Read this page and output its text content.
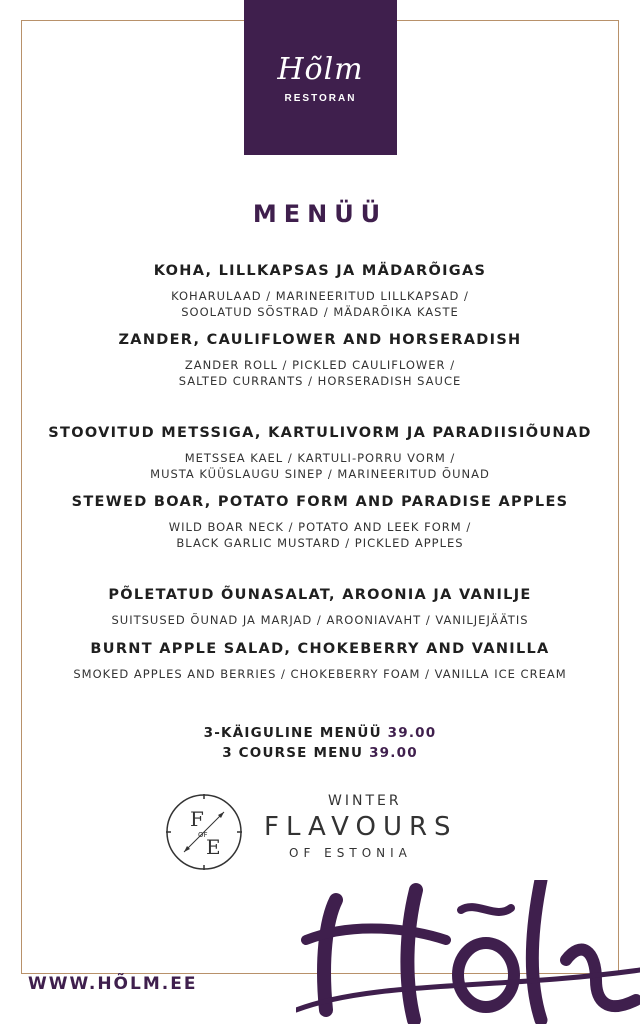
Hõlm
RESTORAN
MENÜÜ
KOHA, LILLKAPSAS JA MÄDARÕIGAS
KOHARULAAD / MARINEERITUD LILLKAPSAD /
SOOLATUD SÕSTRAD / MÄDARÕIKA KASTE
ZANDER, CAULIFLOWER AND HORSERADISH
ZANDER ROLL / PICKLED CAULIFLOWER /
SALTED CURRANTS / HORSERADISH SAUCE
STOOVITUD METSSIGA, KARTULIVORM JA PARADIISIÕUNAD
METSSEA KAEL / KARTULI-PORRU VORM /
MUSTA KÜÜSLAUGU SINEP / MARINEERITUD ÕUNAD
STEWED BOAR, POTATO FORM AND PARADISE APPLES
WILD BOAR NECK / POTATO AND LEEK FORM /
BLACK GARLIC MUSTARD / PICKLED APPLES
PÕLETATUD ÕUNASALAT, AROONIA JA VANILJE
SUITSUSED ÕUNAD JA MARJAD / AROONIAVAHT / VANILJEJÄÄTIS
BURNT APPLE SALAD, CHOKEBERRY AND VANILLA
SMOKED APPLES AND BERRIES / CHOKEBERRY FOAM / VANILLA ICE CREAM
3-KÄIGULINE MENÜÜ 39.00
3 COURSE MENU 39.00
F
OF
E
WINTER
FLAVOURS
OF ESTONIA
WWW.HÕLM.EE
